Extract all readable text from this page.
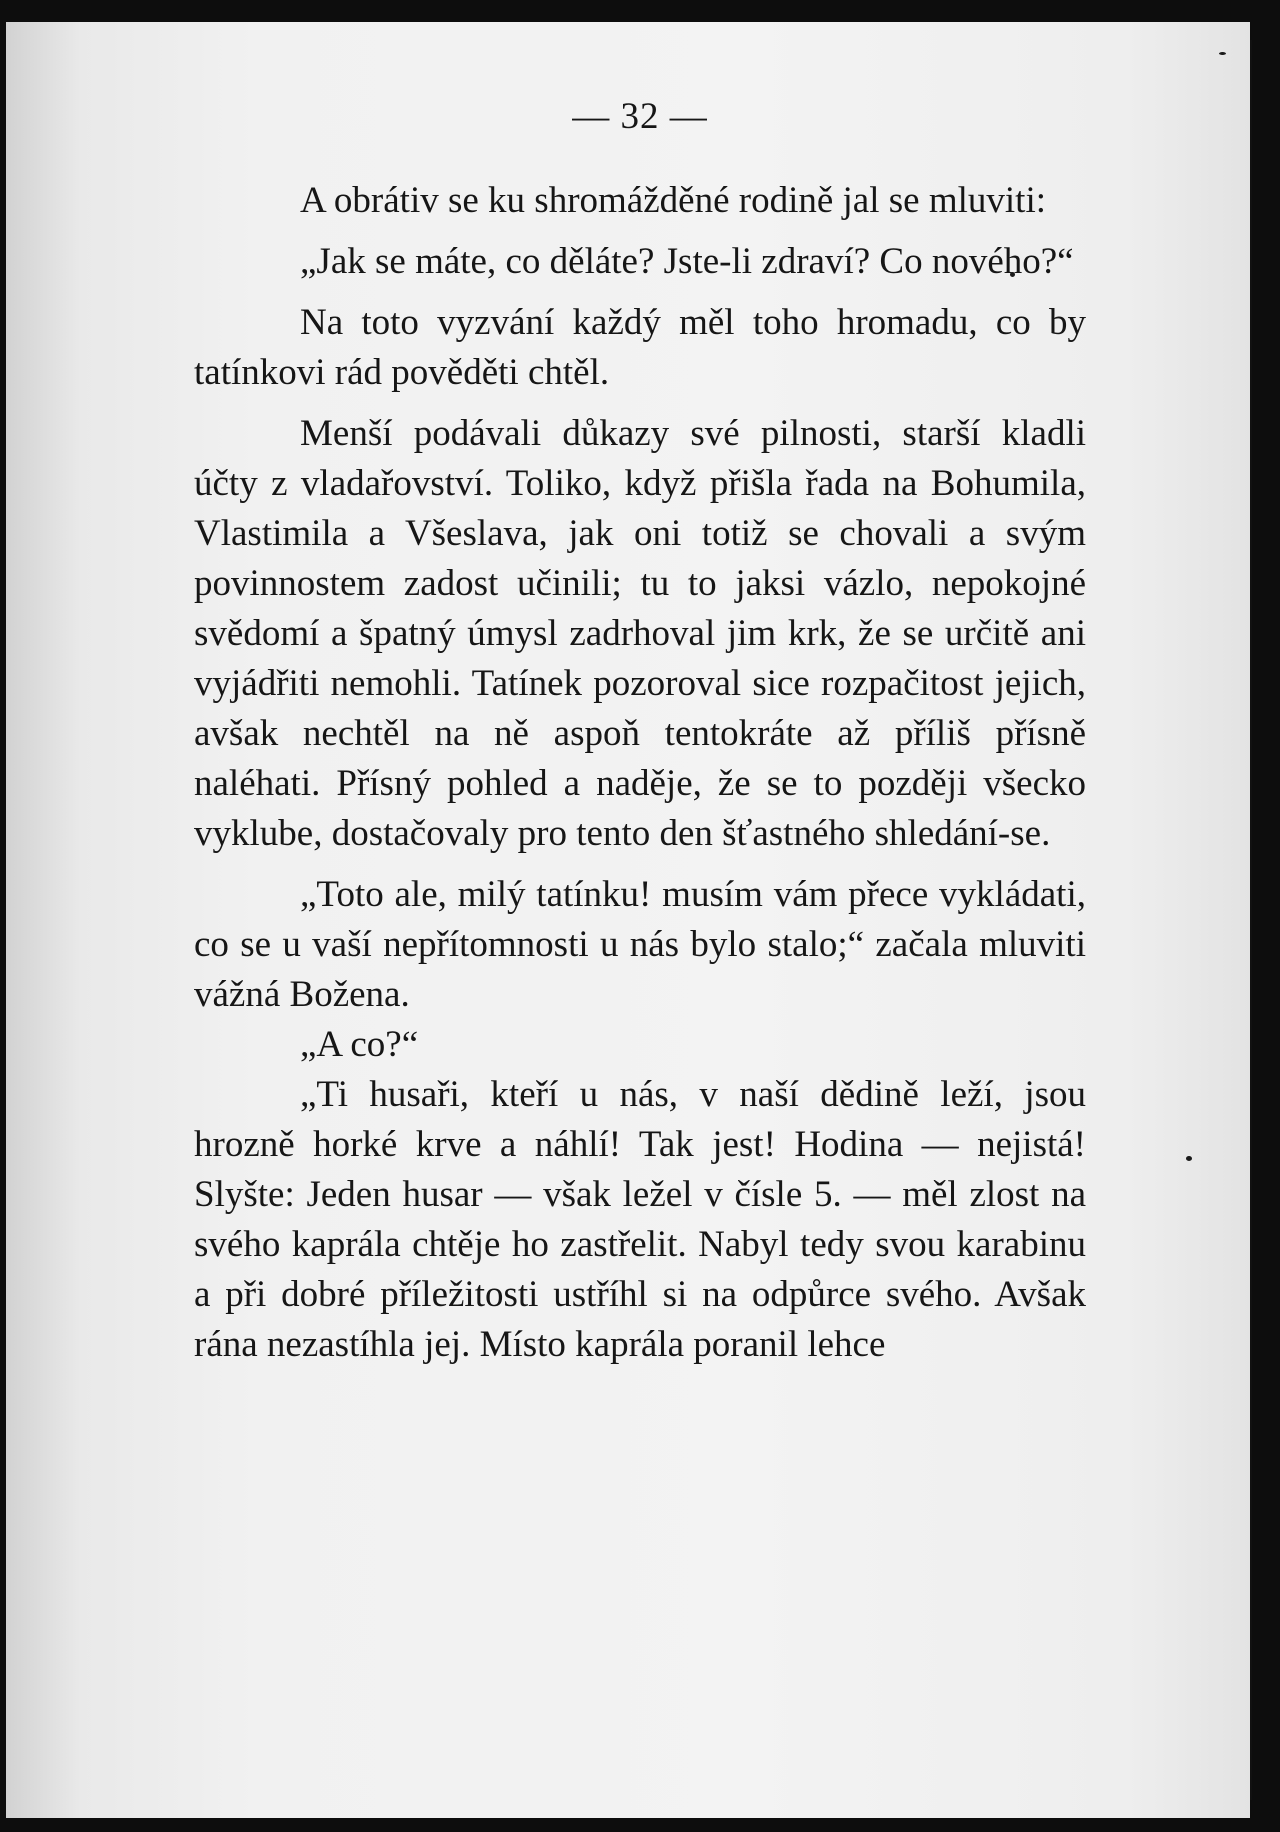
— 32 —

A obrátiv se ku shromážděné rodině jal se mluviti:

„Jak se máte, co děláte? Jste-li zdraví? Co nového?“

Na toto vyzvání každý měl toho hromadu, co by tatínkovi rád pověděti chtěl.

Menší podávali důkazy své pilnosti, starší kladli účty z vladařovství. Toliko, když přišla řada na Bohumila, Vlastimila a Všeslava, jak oni totiž se chovali a svým povinnostem zadost učinili; tu to jaksi vázlo, nepokojné svědomí a špatný úmysl zadrhoval jim krk, že se určitě ani vyjádřiti nemohli. Tatínek pozoroval sice rozpačitost jejich, avšak nechtěl na ně aspoň tentokráte až příliš přísně naléhati. Přísný pohled a naděje, že se to později všecko vyklube, dostačovaly pro tento den šťastného shledání-se.

„Toto ale, milý tatínku! musím vám přece vykládati, co se u vaší nepřítomnosti u nás bylo stalo;“ začala mluviti vážná Božena.

„A co?“

„Ti husaři, kteří u nás, v naší dědině leží, jsou hrozně horké krve a náhlí! Tak jest! Hodina — nejistá! Slyšte: Jeden husar — však ležel v čísle 5. — měl zlost na svého kaprála chtěje ho zastřelit. Nabyl tedy svou karabinu a při dobré příležitosti ustříhl si na odpůrce svého. Avšak rána nezastíhla jej. Místo kaprála poranil lehce
